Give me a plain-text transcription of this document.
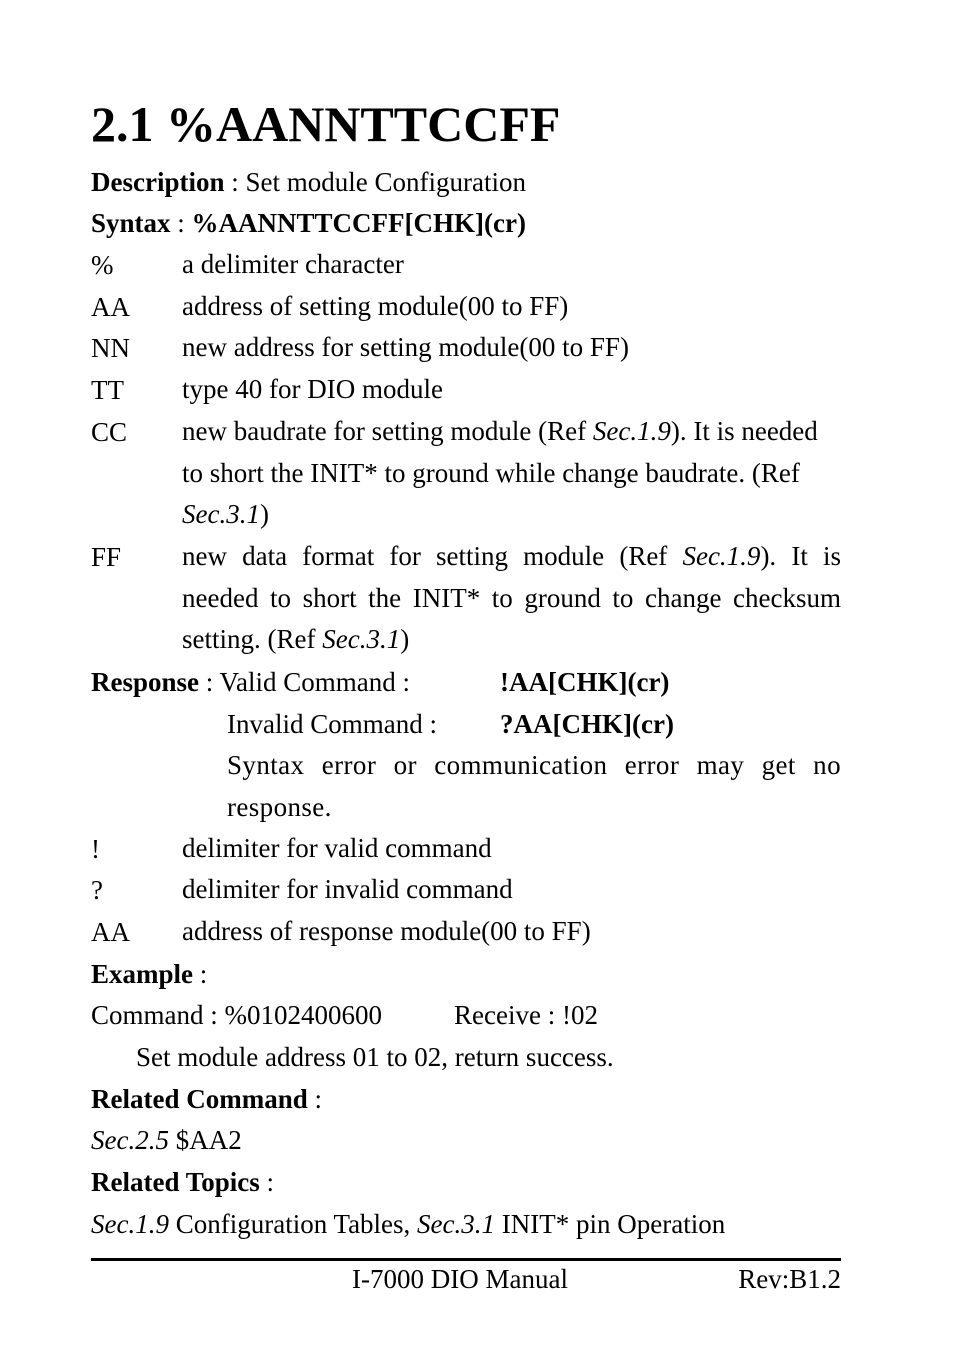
2.1 %AANNTTCCFF
Description : Set module Configuration
Syntax : %AANNTTCCFF[CHK](cr)
%	a delimiter character
AA address of setting module(00 to FF)
NN new address for setting module(00 to FF)
TT type 40 for DIO module
CC new baudrate for setting module (Ref Sec.1.9). It is needed to short the INIT* to ground while change baudrate. (Ref Sec.3.1)
FF new data format for setting module (Ref Sec.1.9). It is needed to short the INIT* to ground to change checksum setting. (Ref Sec.3.1)
Response : Valid Command :	!AA[CHK](cr)
Invalid Command : ?AA[CHK](cr)
Syntax error or communication error may get no response.
!	delimiter for valid command
?	delimiter for invalid command
AA address of response module(00 to FF)
Example :
Command : %0102400600	Receive : !02
Set module address 01 to 02, return success.
Related Command :
Sec.2.5 $AA2
Related Topics :
Sec.1.9 Configuration Tables, Sec.3.1 INIT* pin Operation
I-7000 DIO Manual	Rev:B1.2
